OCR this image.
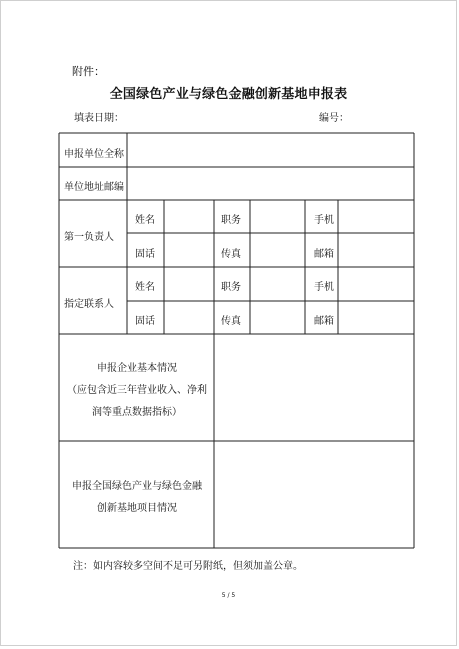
附件：
全国绿色产业与绿色金融创新基地申报表
填表日期：	编号：
申报单位全称
单位地址邮编
第一负责人
姓名	职务	手机
固话	传真	邮箱
指定联系人
姓名	职务	手机
固话	传真	邮箱
申报企业基本情况
（应包含近三年营业收入、净利
润等重点数据指标）
申报全国绿色产业与绿色金融
创新基地项目情况
注：如内容较多空间不足可另附纸，但须加盖公章。
5 / 5
